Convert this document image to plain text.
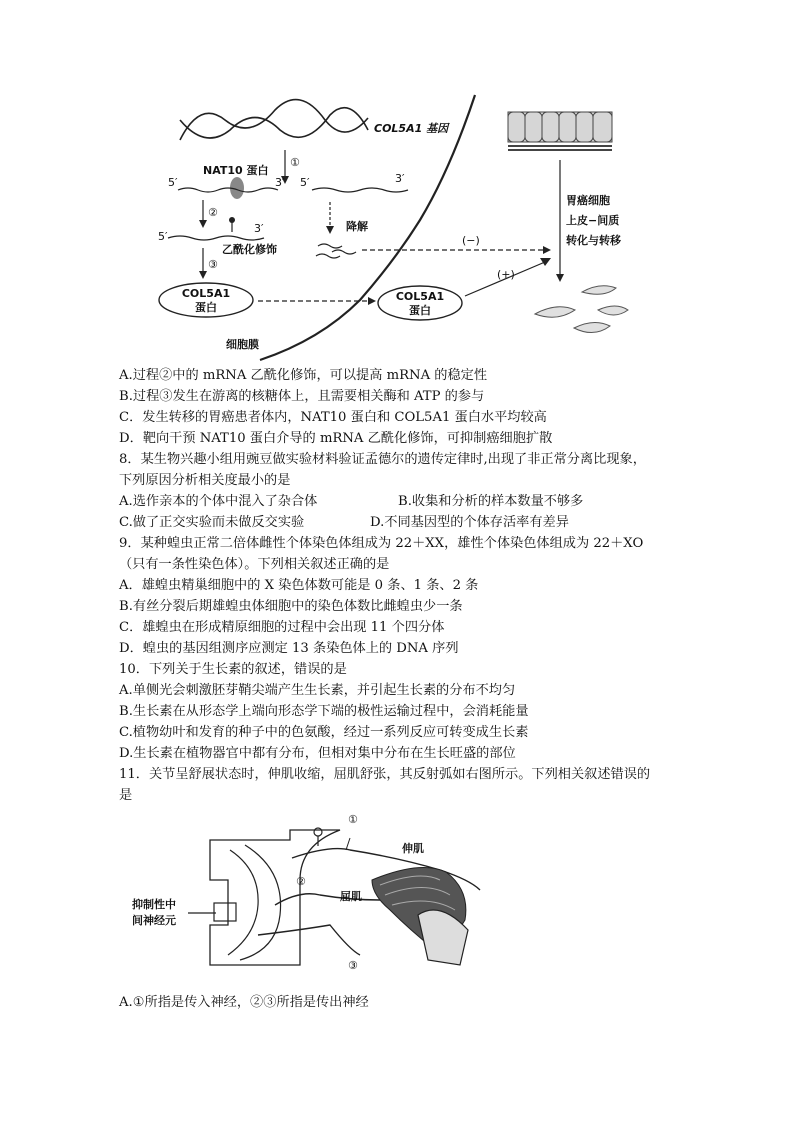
COL5A1 基因
①
NAT10 蛋白
5′	3′ 5′	3′
②
5′
3′
乙酰化修饰
③
降解
COL5A1
蛋白
细胞膜
COL5A1
蛋白
(−)
(+)
胃癌细胞
上皮−间质
转化与转移
A.过程②中的 mRNA 乙酰化修饰，可以提高 mRNA 的稳定性
B.过程③发生在游离的核糖体上，且需要相关酶和 ATP 的参与
C．发生转移的胃癌患者体内，NAT10 蛋白和 COL5A1 蛋白水平均较高
D．靶向干预 NAT10 蛋白介导的 mRNA 乙酰化修饰，可抑制癌细胞扩散
8．某生物兴趣小组用豌豆做实验材料验证孟德尔的遗传定律时,出现了非正常分离比现象，
下列原因分析相关度最小的是
A.选作亲本的个体中混入了杂合体	B.收集和分析的样本数量不够多
C.做了正交实验而未做反交实验	D.不同基因型的个体存活率有差异
9．某种蝗虫正常二倍体雌性个体染色体组成为 22＋XX，雄性个体染色体组成为 22＋XO
（只有一条性染色体）。下列相关叙述正确的是
A．雄蝗虫精巢细胞中的 X 染色体数可能是 0 条、1 条、2 条
B.有丝分裂后期雄蝗虫体细胞中的染色体数比雌蝗虫少一条
C．雄蝗虫在形成精原细胞的过程中会出现 11 个四分体
D．蝗虫的基因组测序应测定 13 条染色体上的 DNA 序列
10．下列关于生长素的叙述，错误的是
A.单侧光会刺激胚芽鞘尖端产生生长素，并引起生长素的分布不均匀
B.生长素在从形态学上端向形态学下端的极性运输过程中，会消耗能量
C.植物幼叶和发育的种子中的色氨酸，经过一系列反应可转变成生长素
D.生长素在植物器官中都有分布，但相对集中分布在生长旺盛的部位
11．关节呈舒展状态时，伸肌收缩，屈肌舒张，其反射弧如右图所示。下列相关叙述错误的
是
抑制性中
间神经元
①
②
屈肌
③
伸肌
A.①所指是传入神经，②③所指是传出神经
